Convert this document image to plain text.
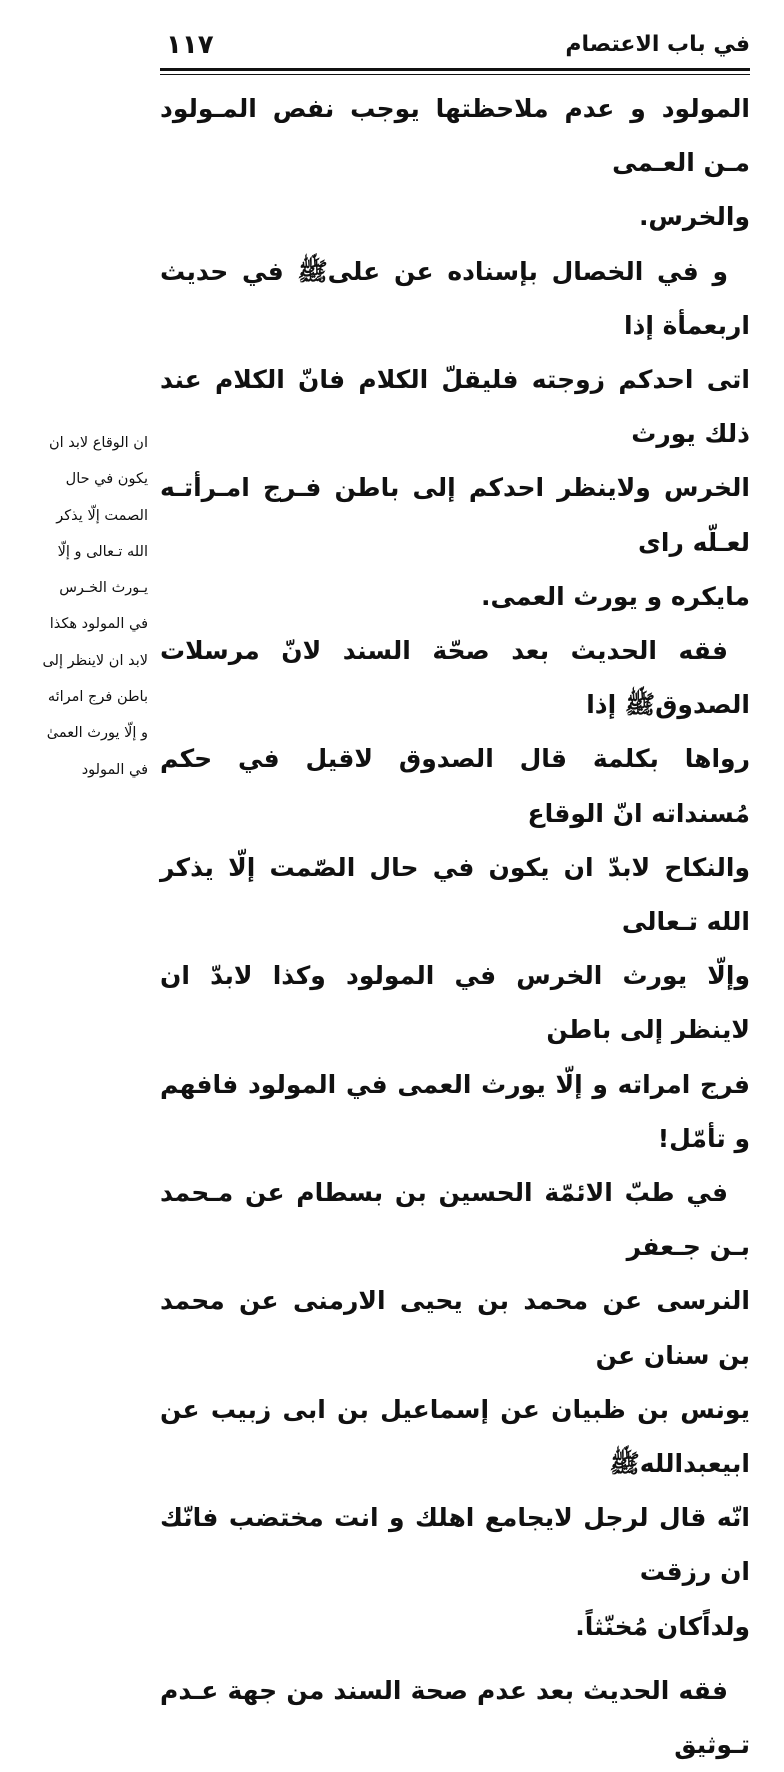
في باب الاعتصام
١١٧

المولود و عدم ملاحظتها يوجب نفص المـولود مـن العـمى
والخرس.

و في الخصال بإسناده عن علىﷺ في حديث اربعمأة إذا
اتى احدكم زوجته فليقلّ الكلام فانّ الكلام عند ذلك يورث
الخرس ولاينظر احدكم إلى باطن فـرج امـرأتـه لعـلّه راى
مايكره و يورث العمى.

فقه الحديث بعد صحّة السند لانّ مرسلات الصدوقﷺ إذا
رواها بكلمة قال الصدوق لاقيل في حكم مُسنداته انّ الوقاع
والنكاح لابدّ ان يكون في حال الصّمت إلّا يذكر الله تـعالى
وإلّا يورث الخرس في المولود وكذا لابدّ ان لاينظر إلى باطن
فرج امراته و إلّا يورث العمى في المولود فافهم و تأمّل!

في طبّ الائمّة الحسين بن بسطام عن مـحمد بـن جـعفر
النرسى عن محمد بن يحيى الارمنى عن محمد بن سنان عن
يونس بن ظبيان عن إسماعيل بن ابى زبيب عن ابيعبداللهﷺ
انّه قال لرجل لايجامع اهلك و انت مختضب فانّك ان رزقت
ولداًكان مُخنّثاً.

فقه الحديث بعد عدم صحة السند من جهة عـدم تـوثيق

ان الوقاع لابد ان
يكون في حال
الصمت إلّا يذكر
الله تـعالى و إلّا
يـورث الخـرس
في المولود هكذا
لابد ان لاينظر إلى
باطن فرج امرائه
و إلّا يورث العمىٰ
في المولود
